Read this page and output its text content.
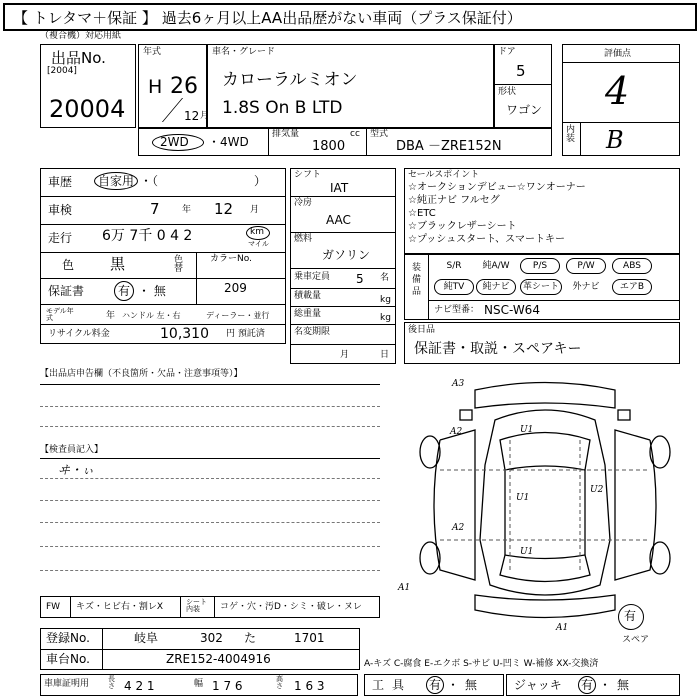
【 トレタマ＋保証 】 過去6ヶ月以上AA出品歴がない車両（プラス保証付）
（複合機）対応用紙
出品No.
[2004]
20004
年式
H 26
12 月
車名・グレード
カローラルミオン
1.8S On B LTD
ドア
5
形状
ワゴン
評価点
4
内装 B
2WD ・4WD
排気量	cc
1800
型式
DBA －ZRE152N
車歴 自家用 ・（　　　　　　　　）
車検	7 年 12 月
走行 6万 7千 0 4 2	km
マイル
色 黒	色替
カラーNo.
保証書	有 ・ 無	209
モデル年式	年 ハンドル 左・右	ディーラー・並行
リサイクル料金	10,310 円 預託済
シフト
IAT
冷房
AAC
燃料
ガソリン
乗車定員 5 名
積載量	kg
総重量	kg
名変期限
月	日
セールスポイント
☆オークションデビュー☆ワンオーナー
☆純正ナビ フルセグ
☆ETC
☆ブラックレザーシート
☆プッシュスタート、スマートキー
装備品
S/R	純A/W	P/S	P/W	ABS
純TV	純ナビ	革シート	外ナビ	エアB
ナビ型番： NSC-W64
後日品
保証書・取説・スペアキー
【出品店申告欄（不良箇所・欠品・注意事項等）】
【検査員記入】
ヰ・ぃ
A3
A2	U1
U1
U2
U1
A2
A1
A1
有
スペア
FW キズ・ヒビ右・割レX	シート内装	コゲ・穴・汚D・シミ・破レ・ヌレ
登録No.	岐阜	302 た	1701
車台No.	ZRE152-4004916	A-キズ C-腐食 E-エクボ S-サビ U-凹ミ W-補修 XX-交換済
車庫証明用	長さ 4 2 1	幅 1 7 6	高さ 1 6 3	工具 有・無	ジャッキ 有・無
